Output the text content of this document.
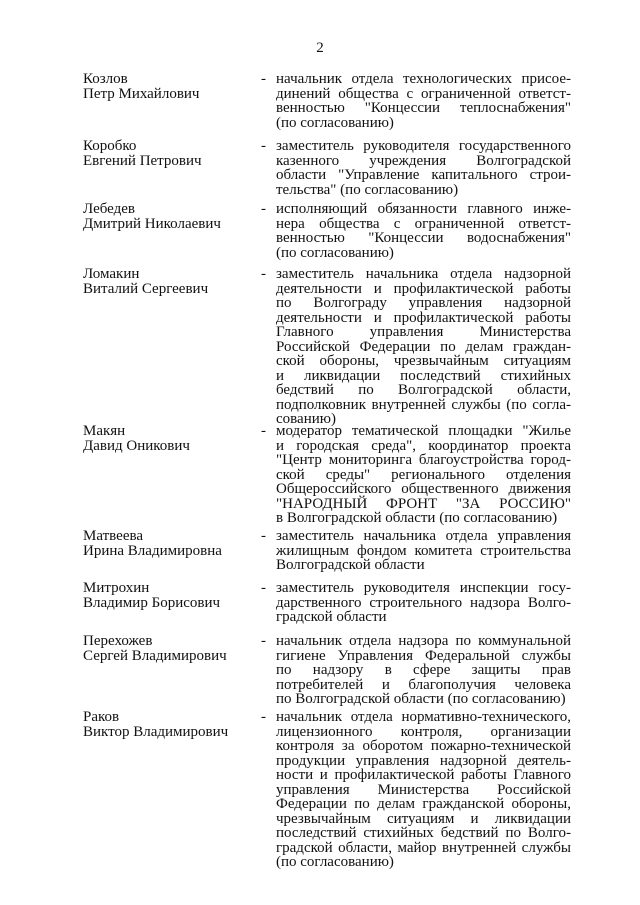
2
Козлов
Петр Михайлович
- начальник отдела технологических присое-
динений общества с ограниченной ответст-
венностью "Концессии теплоснабжения"
(по согласованию)
Коробко
Евгений Петрович
- заместитель руководителя государственного
казенного учреждения Волгоградской
области "Управление капитального строи-
тельства" (по согласованию)
Лебедев
Дмитрий Николаевич
- исполняющий обязанности главного инже-
нера общества с ограниченной ответст-
венностью "Концессии водоснабжения"
(по согласованию)
Ломакин
Виталий Сергеевич
- заместитель начальника отдела надзорной
деятельности и профилактической работы
по Волгограду управления надзорной
деятельности и профилактической работы
Главного управления Министерства
Российской Федерации по делам граждан-
ской обороны, чрезвычайным ситуациям
и ликвидации последствий стихийных
бедствий по Волгоградской области,
подполковник внутренней службы (по согла-
сованию)
Макян
Давид Оникович
- модератор тематической площадки "Жилье
и городская среда", координатор проекта
"Центр мониторинга благоустройства город-
ской среды" регионального отделения
Общероссийского общественного движения
"НАРОДНЫЙ ФРОНТ "ЗА РОССИЮ"
в Волгоградской области (по согласованию)
Матвеева
Ирина Владимировна
- заместитель начальника отдела управления
жилищным фондом комитета строительства
Волгоградской области
Митрохин
Владимир Борисович
- заместитель руководителя инспекции госу-
дарственного строительного надзора Волго-
градской области
Перехожев
Сергей Владимирович
- начальник отдела надзора по коммунальной
гигиене Управления Федеральной службы
по надзору в сфере защиты прав
потребителей и благополучия человека
по Волгоградской области (по согласованию)
Раков
Виктор Владимирович
- начальник отдела нормативно-технического,
лицензионного контроля, организации
контроля за оборотом пожарно-технической
продукции управления надзорной деятель-
ности и профилактической работы Главного
управления Министерства Российской
Федерации по делам гражданской обороны,
чрезвычайным ситуациям и ликвидации
последствий стихийных бедствий по Волго-
градской области, майор внутренней службы
(по согласованию)
